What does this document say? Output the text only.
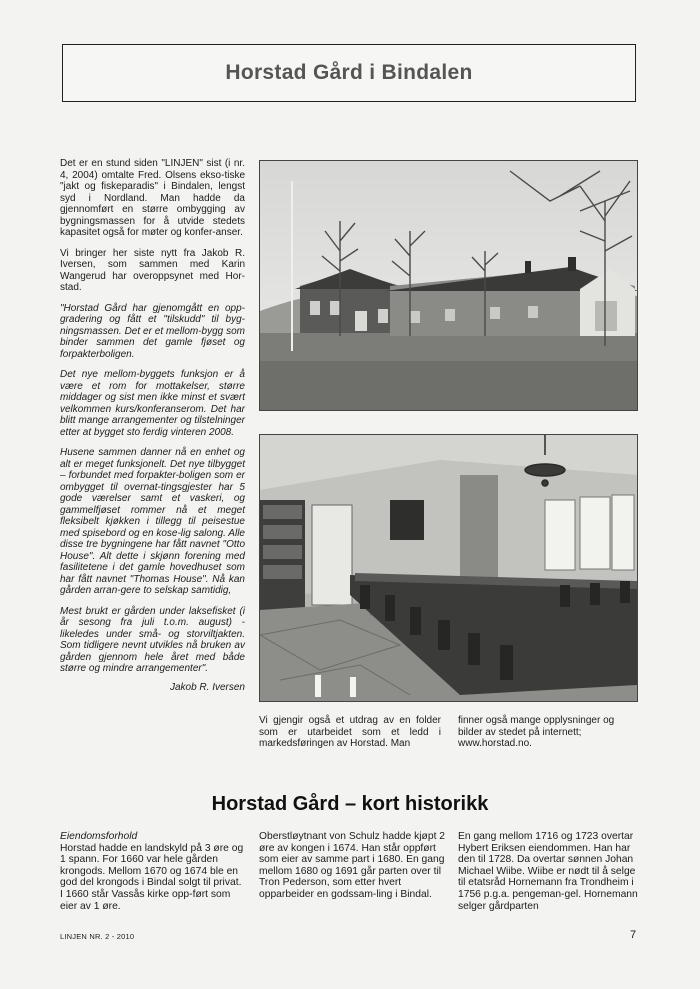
Horstad Gård i Bindalen

Det er en stund siden "LINJEN" sist (i nr. 4, 2004) omtalte Fred. Olsens ekso-tiske "jakt og fiskeparadis" i Bindalen, lengst syd i Nordland. Man hadde da gjennomført en større ombygging av bygningsmassen for å utvide stedets kapasitet også for møter og konfer-anser.

Vi bringer her siste nytt fra Jakob R. Iversen, som sammen med Karin Wangerud har overoppsynet med Hor-stad.

"Horstad Gård har gjenomgått en opp-gradering og fått et "tilskudd" til byg-ningsmassen. Det er et mellom-bygg som binder sammen det gamle fjøset og forpakterboligen.

Det nye mellom-byggets funksjon er å være et rom for mottakelser, større middager og sist men ikke minst et svært velkommen kurs/konferanserom. Det har blitt mange arrangementer og tilstelninger etter at bygget sto ferdig vinteren 2008.

Husene sammen danner nå en enhet og alt er meget funksjonelt. Det nye tilbygget – forbundet med forpakter-boligen som er ombygget til overnat-tingsgjester har 5 gode værelser samt et vaskeri, og gammelfjøset rommer nå et meget fleksibelt kjøkken i tillegg til peisestue med spisebord og en kose-lig salong. Alle disse tre bygningene har fått navnet "Otto House". Alt dette i skjønn forening med fasilitetene i det gamle hovedhuset som har fått navnet "Thomas House". Nå kan gården arran-gere to selskap samtidig,

Mest brukt er gården under laksefisket (i år sesong fra juli t.o.m. august) - likeledes under små- og storviltjakten. Som tidligere nevnt utvikles nå bruken av gården gjennom hele året med både større og mindre arrangementer".

Jakob R. Iversen

Vi gjengir også et utdrag av en folder som er utarbeidet som et ledd i markedsføringen av Horstad. Man
finner også mange opplysninger og bilder av stedet på internett; www.horstad.no.
Horstad Gård – kort historikk
Eiendomsforhold
Horstad hadde en landskyld på 3 øre og 1 spann. For 1660 var hele gården krongods. Mellom 1670 og 1674 ble en god del krongods i Bindal solgt til privat. I 1660 står Vassås kirke opp-ført som eier av 1 øre.
Oberstløytnant von Schulz hadde kjøpt 2 øre av kongen i 1674. Han står oppført som eier av samme part i 1680. En gang mellom 1680 og 1691 går parten over til Tron Pederson, som etter hvert opparbeider en godssam-ling i Bindal.
En gang mellom 1716 og 1723 overtar Hybert Eriksen eiendommen. Han har den til 1728. Da overtar sønnen Johan Michael Wiibe. Wiibe er nødt til å selge til etatsråd Hornemann fra Trondheim i 1756 p.g.a. pengeman-gel. Hornemann selger gårdparten
LINJEN NR. 2 - 2010	7
